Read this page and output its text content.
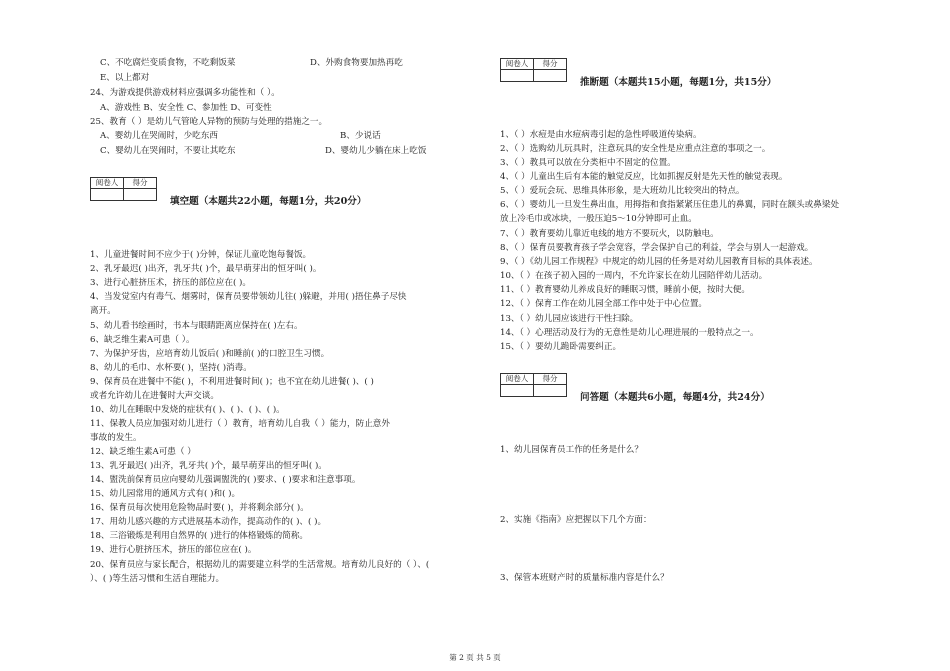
C、不吃腐烂变质食物，不吃剩饭菜	D、外购食物要加热再吃
E、以上都对
24、为游戏提供游戏材料应强调多功能性和（ ）。
A、游戏性 B、安全性 C、参加性 D、可变性
25、教育（ ）是幼儿气管呛人异物的预防与处理的措施之一。
A、婴幼儿在哭闹时，少吃东西	B、少说话
C、婴幼儿在哭闹时，不要让其吃东	D、婴幼儿少躺在床上吃饭
阅卷人	得分

填空题（本题共22小题，每题1分，共20分）
1、儿童进餐时间不应少于( )分钟，保证儿童吃饱每餐饭。
2、乳牙最迟( )出齐，乳牙共( )个，最早萌芽出的恒牙叫( )。
3、进行心脏挤压术，挤压的部位应在( )。
4、当发觉室内有毒气、烟雾时，保育员要带领幼儿往( )躲避，并用( )捂住鼻子尽快
离开。
5、幼儿看书绘画时，书本与眼睛距离应保持在( )左右。
6、缺乏维生素A可患（ ）。
7、为保护牙齿，应培育幼儿饭后( )和睡前( )的口腔卫生习惯。
8、幼儿的毛巾、水杯要( )，坚持( )消毒。
9、保育员在进餐中不能( )，不利用进餐时间( )；也不宜在幼儿进餐( )、( )
或者允许幼儿在进餐时大声交谈。
10、幼儿在睡眠中发烧的症状有( )、( )、( )、( )。
11、保教人员应加强对幼儿进行（ ）教育，培育幼儿自我（ ）能力，防止意外
事故的发生。
12、缺乏维生素A可患（ ）
13、乳牙最迟( )出齐，乳牙共( )个，最早萌芽出的恒牙叫( )。
14、盥洗前保育员应向婴幼儿强调盥洗的( )要求、( )要求和注意事项。
15、幼儿园常用的通风方式有( )和( )。
16、保育员每次使用危险物品时要( )，并将剩余部分( )。
17、用幼儿感兴趣的方式进展基本动作，提高动作的( )、( )。
18、三浴锻炼是利用自然界的( )进行的体格锻炼的简称。
19、进行心脏挤压术，挤压的部位应在( )。
20、保育员应与家长配合，根据幼儿的需要建立科学的生活常规。培育幼儿良好的（ ）、(
）、( )等生活习惯和生活自理能力。
阅卷人	得分

推断题（本题共15小题，每题1分，共15分）
1、（ ）水痘是由水痘病毒引起的急性呼吸道传染病。
2、（ ）选购幼儿玩具时，注意玩具的安全性是应重点注意的事项之一。
3、（ ）教具可以放在分类柜中不固定的位置。
4、（ ）儿童出生后有本能的触觉反应，比如抓握反射是先天性的触觉表现。
5、（ ）爱玩会玩、思维具体形象，是大班幼儿比较突出的特点。
6、（ ）婴幼儿一旦发生鼻出血，用拇指和食指紧紧压住患儿的鼻翼，同时在额头或鼻梁处
放上冷毛巾或冰块，一般压迫5～10分钟即可止血。
7、（ ）教育要幼儿靠近电线的地方不要玩火，以防触电。
8、（ ）保育员要教育孩子学会宽容，学会保护自己的利益，学会与别人一起游戏。
9、（ ）《幼儿园工作规程》中规定的幼儿园的任务是对幼儿园教育目标的具体表述。
10、（ ）在孩子初入园的一周内，不允许家长在幼儿园陪伴幼儿活动。
11、（ ）教育婴幼儿养成良好的睡眠习惯，睡前小便，按时大便。
12、（ ）保育工作在幼儿园全部工作中处于中心位置。
13、（ ）幼儿园应该进行干性扫除。
14、（ ）心理活动及行为的无意性是幼儿心理进展的一般特点之一。
15、（ ）要幼儿跪卧需要纠正。
阅卷人	得分

问答题（本题共6小题，每题4分，共24分）
1、幼儿园保育员工作的任务是什么？
2、实施《指南》应把握以下几个方面：
3、保管本班财产时的质量标准内容是什么？
第 2 页 共 5 页
